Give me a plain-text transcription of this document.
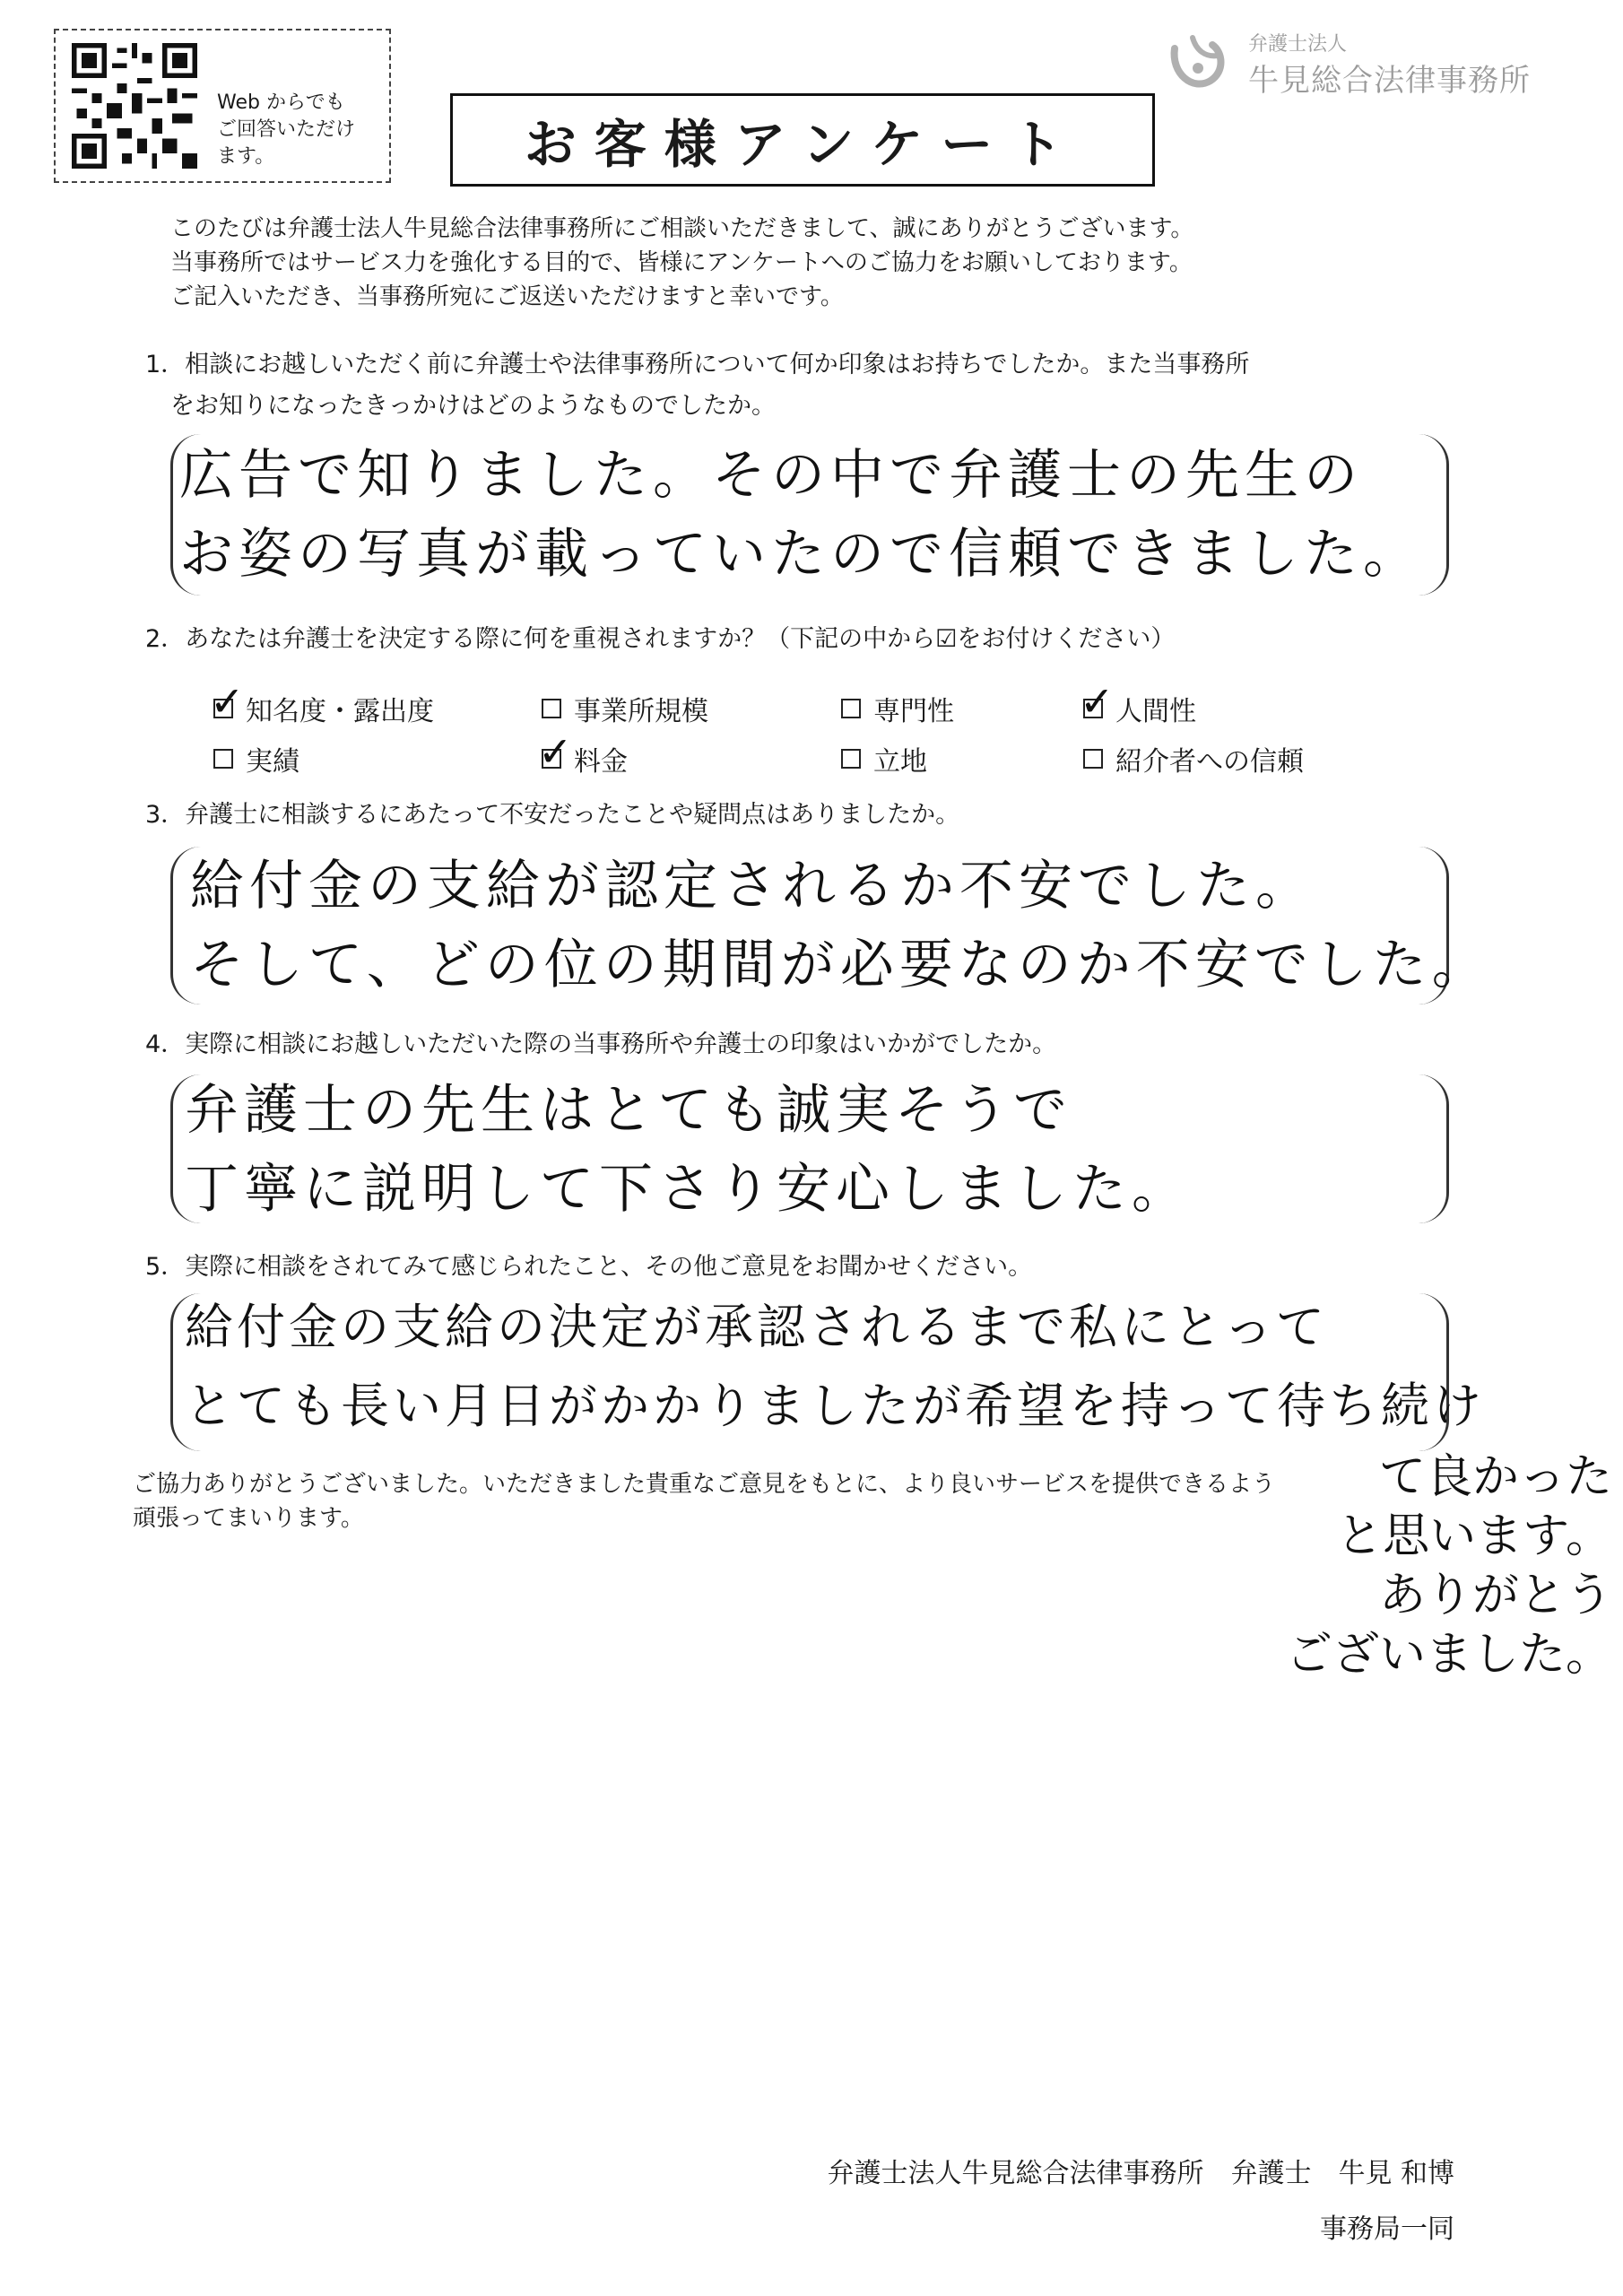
Web からでも
ご回答いただけ
ます。	お客様アンケート
弁護士法人
牛見総合法律事務所
このたびは弁護士法人牛見総合法律事務所にご相談いただきまして、誠にありがとうございます。
当事務所ではサービス力を強化する目的で、皆様にアンケートへのご協力をお願いしております。
ご記入いただき、当事務所宛にご返送いただけますと幸いです。
1．相談にお越しいただく前に弁護士や法律事務所について何か印象はお持ちでしたか。また当事務所
をお知りになったきっかけはどのようなものでしたか。
広告で知りました。その中で弁護士の先生の
お姿の写真が載っていたので信頼できました。
2．あなたは弁護士を決定する際に何を重視されますか？（下記の中から☑をお付けください）
✓ 知名度・露出度	事業所規模	専門性	✓ 人間性
実績	✓ 料金	立地	紹介者への信頼
3．弁護士に相談するにあたって不安だったことや疑問点はありましたか。
給付金の支給が認定されるか不安でした。
そして、どの位の期間が必要なのか不安でした。
4．実際に相談にお越しいただいた際の当事務所や弁護士の印象はいかがでしたか。
弁護士の先生はとても誠実そうで
丁寧に説明して下さり安心しました。
5．実際に相談をされてみて感じられたこと、その他ご意見をお聞かせください。
給付金の支給の決定が承認されるまで私にとって
とても長い月日がかかりましたが希望を持って待ち続け
て良かった
と思います。
ありがとう
ございました。
ご協力ありがとうございました。いただきました貴重なご意見をもとに、より良いサービスを提供できるよう
頑張ってまいります。
弁護士法人牛見総合法律事務所　弁護士　牛見 和博
事務局一同
